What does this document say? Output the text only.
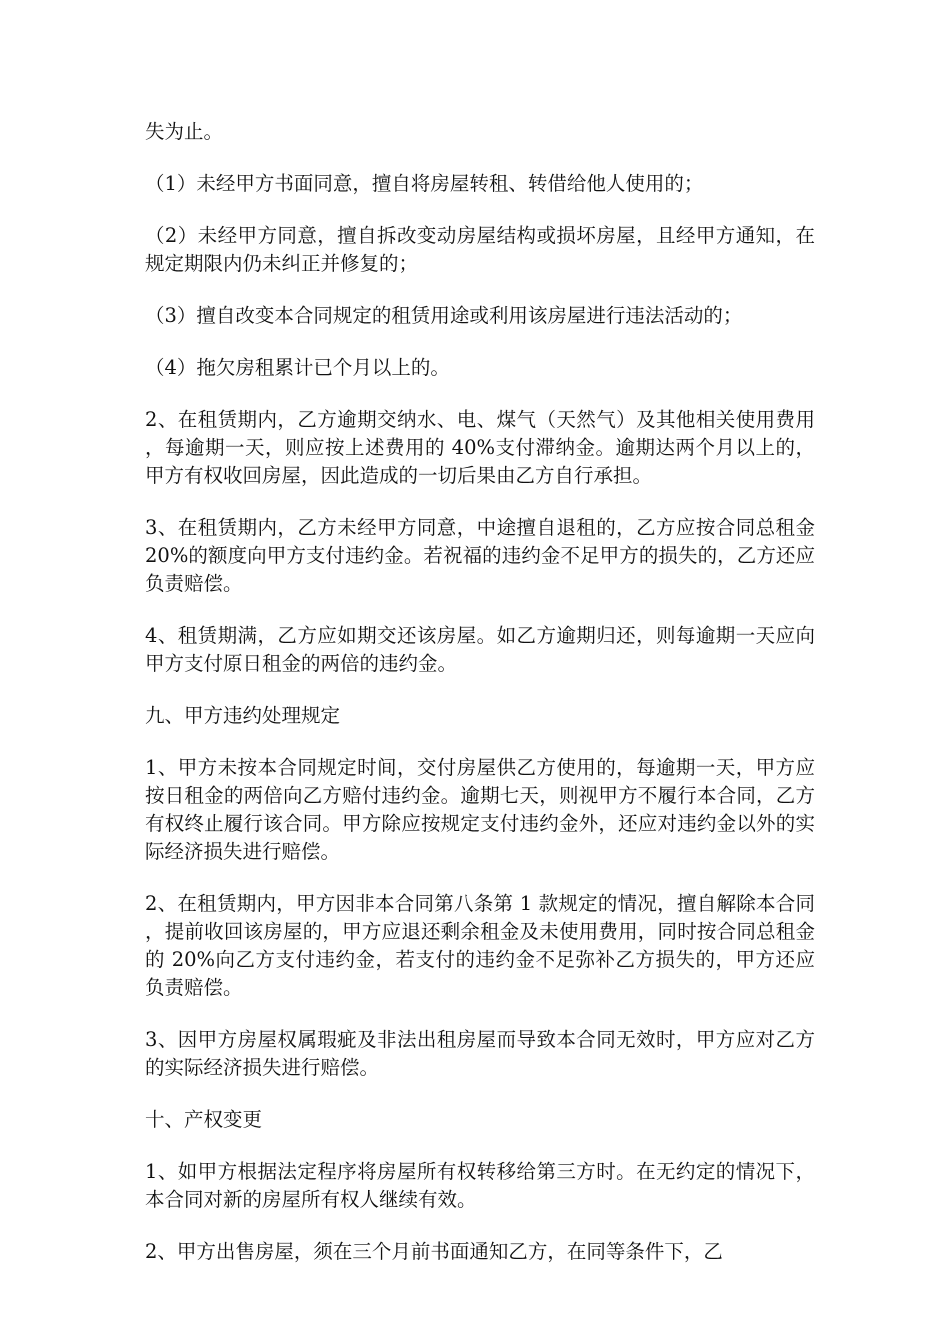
失为止。

（1）未经甲方书面同意，擅自将房屋转租、转借给他人使用的；

（2）未经甲方同意，擅自拆改变动房屋结构或损坏房屋，且经甲方通知，在规定期限内仍未纠正并修复的；

（3）擅自改变本合同规定的租赁用途或利用该房屋进行违法活动的；

（4）拖欠房租累计已个月以上的。

2、在租赁期内，乙方逾期交纳水、电、煤气（天然气）及其他相关使用费用，每逾期一天，则应按上述费用的 40%支付滞纳金。逾期达两个月以上的，甲方有权收回房屋，因此造成的一切后果由乙方自行承担。

3、在租赁期内，乙方未经甲方同意，中途擅自退租的，乙方应按合同总租金 20%的额度向甲方支付违约金。若祝福的违约金不足甲方的损失的，乙方还应负责赔偿。

4、租赁期满，乙方应如期交还该房屋。如乙方逾期归还，则每逾期一天应向甲方支付原日租金的两倍的违约金。

九、甲方违约处理规定

1、甲方未按本合同规定时间，交付房屋供乙方使用的，每逾期一天，甲方应按日租金的两倍向乙方赔付违约金。逾期七天，则视甲方不履行本合同，乙方有权终止履行该合同。甲方除应按规定支付违约金外，还应对违约金以外的实际经济损失进行赔偿。

2、在租赁期内，甲方因非本合同第八条第 1 款规定的情况，擅自解除本合同，提前收回该房屋的，甲方应退还剩余租金及未使用费用，同时按合同总租金的 20%向乙方支付违约金，若支付的违约金不足弥补乙方损失的，甲方还应负责赔偿。

3、因甲方房屋权属瑕疵及非法出租房屋而导致本合同无效时，甲方应对乙方的实际经济损失进行赔偿。

十、产权变更

1、如甲方根据法定程序将房屋所有权转移给第三方时。在无约定的情况下，本合同对新的房屋所有权人继续有效。

2、甲方出售房屋，须在三个月前书面通知乙方，在同等条件下，乙
